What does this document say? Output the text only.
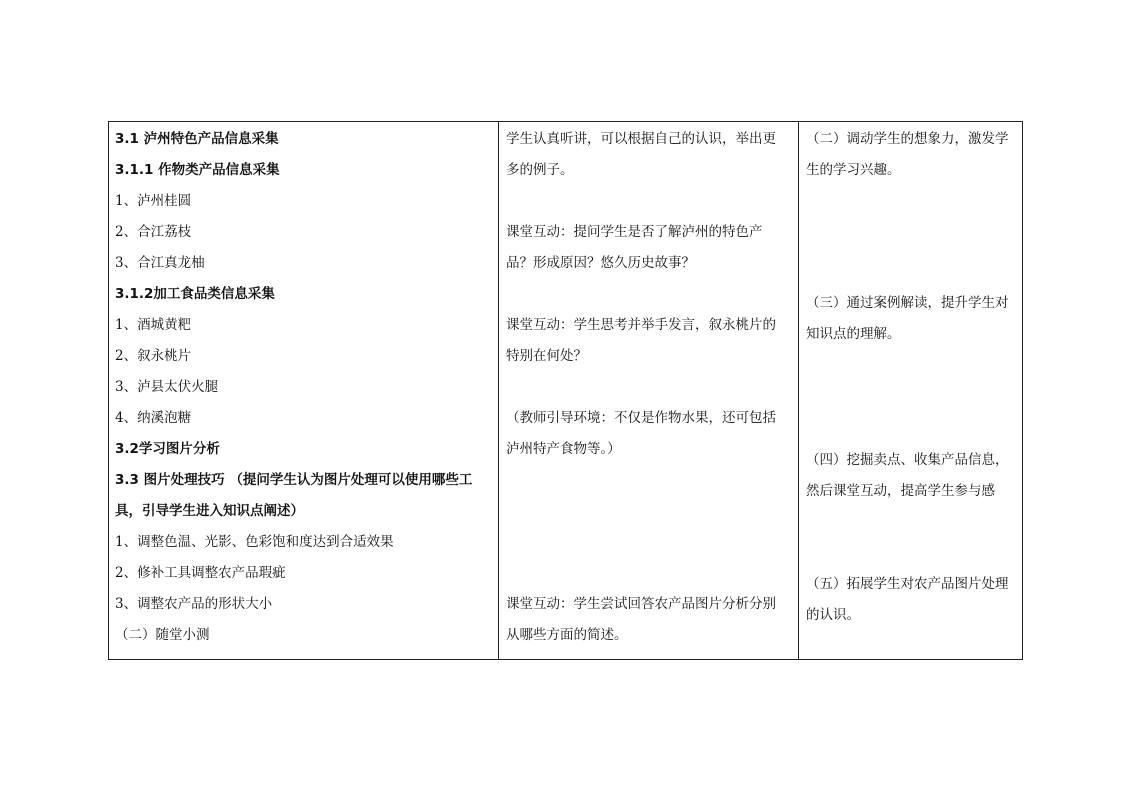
3.1 泸州特色产品信息采集
3.1.1 作物类产品信息采集
1、泸州桂圆
2、合江荔枝
3、合江真龙柚
3.1.2加工食品类信息采集
1、酒城黄粑
2、叙永桃片
3、泸县太伏火腿
4、纳溪泡糖
3.2学习图片分析
3.3 图片处理技巧 （提问学生认为图片处理可以使用哪些工
具，引导学生进入知识点阐述）
1、调整色温、光影、色彩饱和度达到合适效果
2、修补工具调整农产品瑕疵
3、调整农产品的形状大小
（二）随堂小测
学生认真听讲，可以根据自己的认识，举出更
多的例子。
课堂互动：提问学生是否了解泸州的特色产
品？形成原因？悠久历史故事？
课堂互动：学生思考并举手发言，叙永桃片的
特别在何处？
（教师引导环境：不仅是作物水果，还可包括
泸州特产食物等。）
课堂互动：学生尝试回答农产品图片分析分别
从哪些方面的简述。
（二）调动学生的想象力，激发学
生的学习兴趣。
（三）通过案例解读，提升学生对
知识点的理解。
（四）挖掘卖点、收集产品信息，
然后课堂互动，提高学生参与感
（五）拓展学生对农产品图片处理
的认识。
